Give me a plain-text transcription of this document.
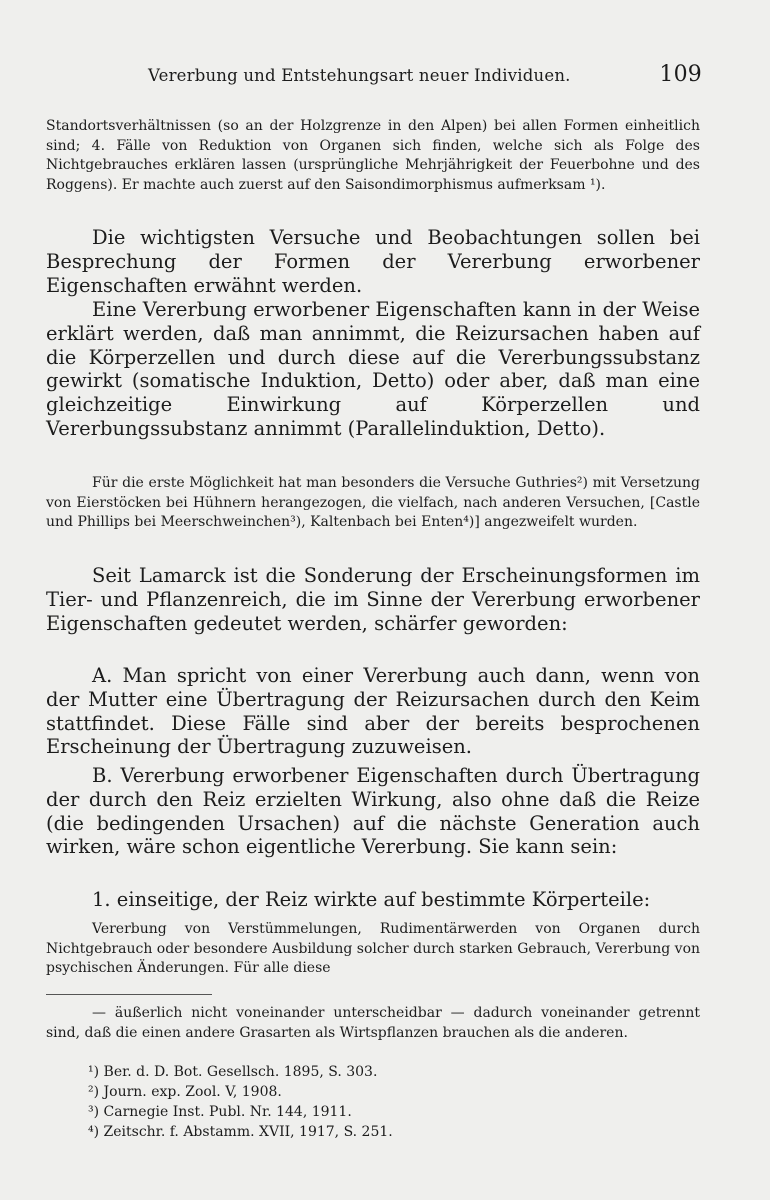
Vererbung und Entstehungsart neuer Individuen.	109
Standortsverhältnissen (so an der Holzgrenze in den Alpen) bei allen Formen einheitlich sind; 4. Fälle von Reduktion von Organen sich finden, welche sich als Folge des Nichtgebrauches erklären lassen (ursprüngliche Mehrjährigkeit der Feuerbohne und des Roggens). Er machte auch zuerst auf den Saisondimorphismus aufmerksam ¹).
Die wichtigsten Versuche und Beobachtungen sollen bei Besprechung der Formen der Vererbung erworbener Eigenschaften erwähnt werden.
Eine Vererbung erworbener Eigenschaften kann in der Weise erklärt werden, daß man annimmt, die Reizursachen haben auf die Körperzellen und durch diese auf die Vererbungssubstanz gewirkt (somatische Induktion, Detto) oder aber, daß man eine gleichzeitige Einwirkung auf Körperzellen und Vererbungssubstanz annimmt (Parallelinduktion, Detto).
Für die erste Möglichkeit hat man besonders die Versuche Guthries²) mit Versetzung von Eierstöcken bei Hühnern herangezogen, die vielfach, nach anderen Versuchen, [Castle und Phillips bei Meerschweinchen³), Kaltenbach bei Enten⁴)] angezweifelt wurden.
Seit Lamarck ist die Sonderung der Erscheinungsformen im Tier- und Pflanzenreich, die im Sinne der Vererbung erworbener Eigenschaften gedeutet werden, schärfer geworden:
A. Man spricht von einer Vererbung auch dann, wenn von der Mutter eine Übertragung der Reizursachen durch den Keim stattfindet. Diese Fälle sind aber der bereits besprochenen Erscheinung der Übertragung zuzuweisen.
B. Vererbung erworbener Eigenschaften durch Übertragung der durch den Reiz erzielten Wirkung, also ohne daß die Reize (die bedingenden Ursachen) auf die nächste Generation auch wirken, wäre schon eigentliche Vererbung. Sie kann sein:
1. einseitige, der Reiz wirkte auf bestimmte Körperteile:
Vererbung von Verstümmelungen, Rudimentärwerden von Organen durch Nichtgebrauch oder besondere Ausbildung solcher durch starken Gebrauch, Vererbung von psychischen Änderungen. Für alle diese
— äußerlich nicht voneinander unterscheidbar — dadurch voneinander getrennt sind, daß die einen andere Grasarten als Wirtspflanzen brauchen als die anderen.
¹) Ber. d. D. Bot. Gesellsch. 1895, S. 303.
²) Journ. exp. Zool. V, 1908.
³) Carnegie Inst. Publ. Nr. 144, 1911.
⁴) Zeitschr. f. Abstamm. XVII, 1917, S. 251.
